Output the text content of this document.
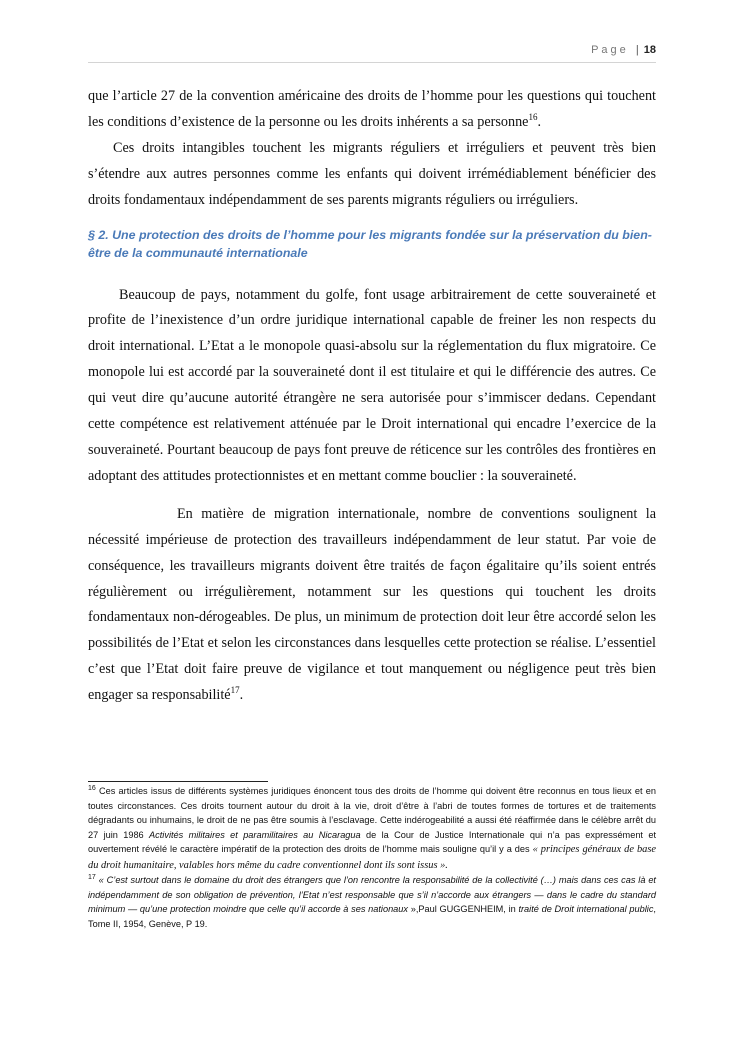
Page | 18

que l’article 27 de la convention américaine des droits de l’homme pour les questions qui touchent les conditions d’existence de la personne ou les droits inhérents a sa personne$^{16}$.

Ces droits intangibles touchent les migrants réguliers et irréguliers et peuvent très bien s’étendre aux autres personnes comme les enfants qui doivent irrémédiablement bénéficier des droits fondamentaux indépendamment de ses parents migrants réguliers ou irréguliers.

§ 2. Une protection des droits de l’homme pour les migrants fondée sur la préservation du bien-être de la communauté internationale

Beaucoup de pays, notamment du golfe, font usage arbitrairement de cette souveraineté et profite de l’inexistence d’un ordre juridique international capable de freiner les non respects du droit international. L’Etat a le monopole quasi-absolu sur la réglementation du flux migratoire. Ce monopole lui est accordé par la souveraineté dont il est titulaire et qui le différencie des autres. Ce qui veut dire qu’aucune autorité étrangère ne sera autorisée pour s’immiscer dedans. Cependant cette compétence est relativement atténuée par le Droit international qui encadre l’exercice de la souveraineté. Pourtant beaucoup de pays font preuve de réticence sur les contrôles des frontières en adoptant des attitudes protectionnistes et en mettant comme bouclier : la souveraineté.

En matière de migration internationale, nombre de conventions soulignent la nécessité impérieuse de protection des travailleurs indépendamment de leur statut. Par voie de conséquence, les travailleurs migrants doivent être traités de façon égalitaire qu’ils soient entrés régulièrement ou irrégulièrement, notamment sur les questions qui touchent les droits fondamentaux non-dérogeables. De plus, un minimum de protection doit leur être accordé selon les possibilités de l’Etat et selon les circonstances dans lesquelles cette protection se réalise. L’essentiel c’est que l’Etat doit faire preuve de vigilance et tout manquement ou négligence peut très bien engager sa responsabilité$^{17}$.

$^{16}$ Ces articles issus de différents systèmes juridiques énoncent tous des droits de l’homme qui doivent être reconnus en tous lieux et en toutes circonstances. Ces droits tournent autour du droit à la vie, droit d’être à l’abri de toutes formes de tortures et de traitements dégradants ou inhumains, le droit de ne pas être soumis à l’esclavage. Cette indérogeabilité a aussi été réaffirmée dans le célèbre arrêt du 27 juin 1986 Activités militaires et paramilitaires au Nicaragua de la Cour de Justice Internationale qui n’a pas expressément et ouvertement révélé le caractère impératif de la protection des droits de l’homme mais souligne qu’il y a des « principes généraux de base du droit humanitaire, valables hors même du cadre conventionnel dont ils sont issus ».

$^{17}$ « C’est surtout dans le domaine du droit des étrangers que l’on rencontre la responsabilité de la collectivité (…) mais dans ces cas là et indépendamment de son obligation de prévention, l’Etat n’est responsable que s’il n’accorde aux étrangers — dans le cadre du standard minimum — qu’une protection moindre que celle qu’il accorde à ses nationaux »,Paul GUGGENHEIM, in traité de Droit international public, Tome II, 1954, Genève, P 19.
